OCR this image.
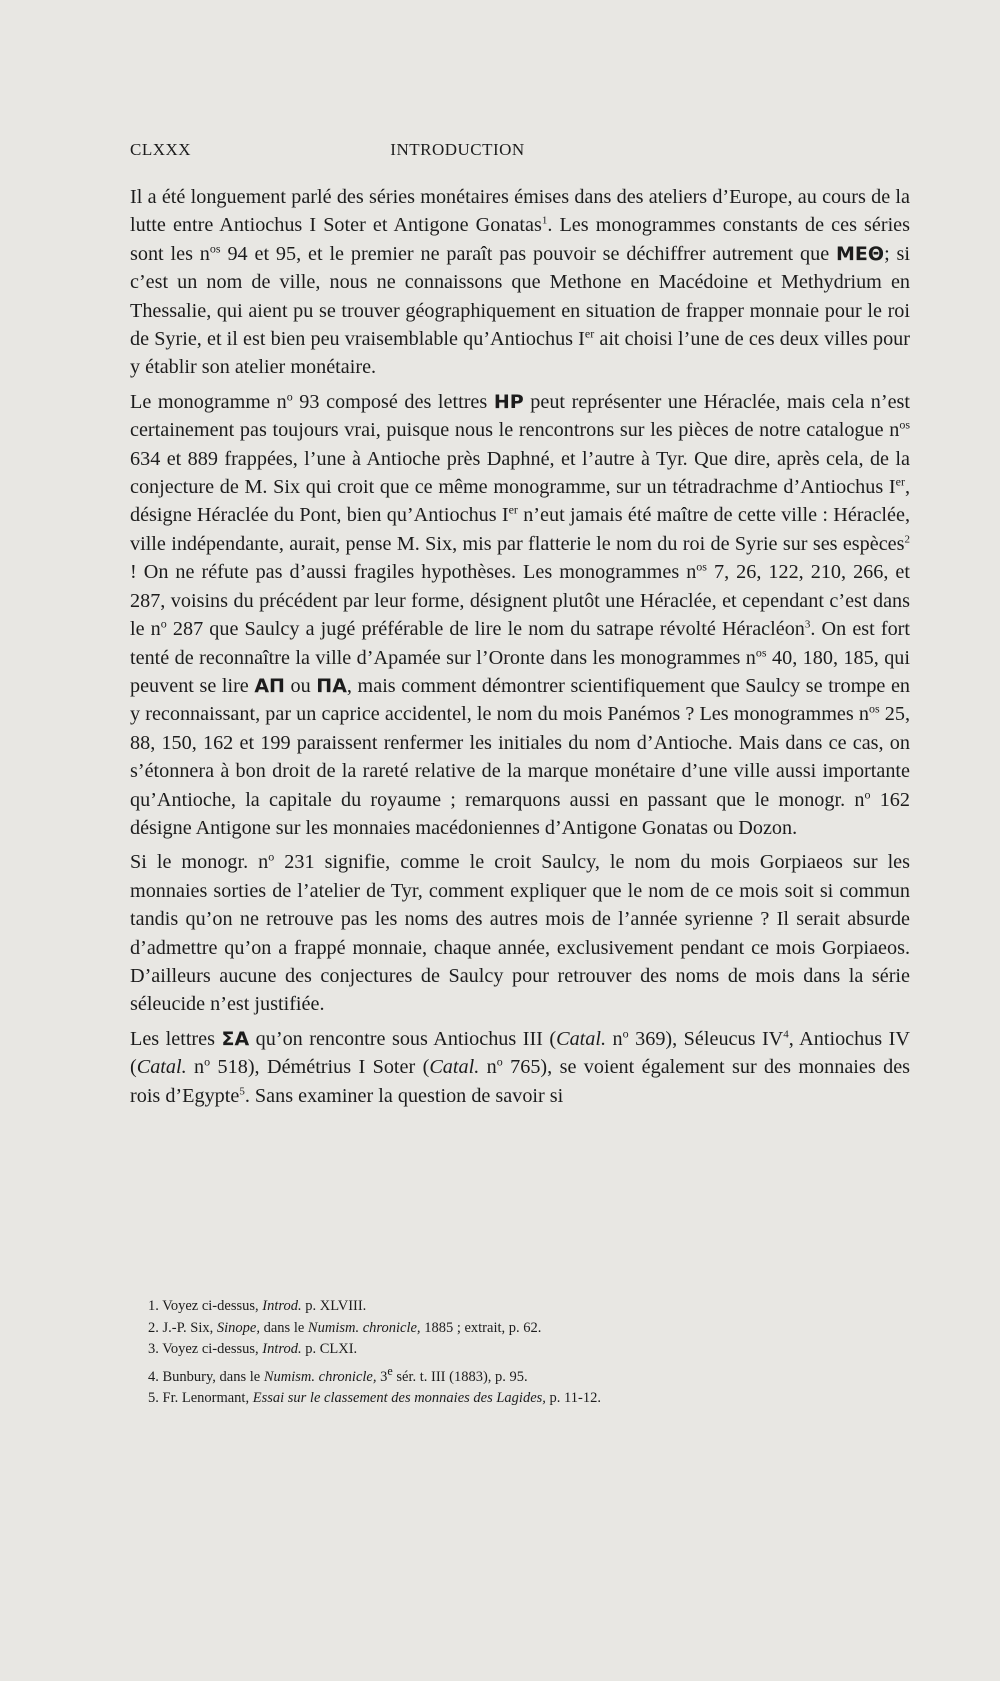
CLXXX	INTRODUCTION

Il a été longuement parlé des séries monétaires émises dans des ateliers d’Europe, au cours de la lutte entre Antiochus I Soter et Antigone Gonatas$^1$. Les monogrammes constants de ces séries sont les $n^{os}$ 94 et 95, et le premier ne paraît pas pouvoir se déchiffrer autrement que ΜΕΘ; si c’est un nom de ville, nous ne connaissons que Methone en Macédoine et Methydrium en Thessalie, qui aient pu se trouver géographiquement en situation de frapper monnaie pour le roi de Syrie, et il est bien peu vraisemblable qu’Antiochus Ier ait choisi l’une de ces deux villes pour y établir son atelier monétaire.

Le monogramme $n^o$ 93 composé des lettres ΗΡ peut représenter une Héraclée, mais cela n’est certainement pas toujours vrai, puisque nous le rencontrons sur les pièces de notre catalogue $n^{os}$ 634 et 889 frappées, l’une à Antioche près Daphné, et l’autre à Tyr. Que dire, après cela, de la conjecture de M. Six qui croit que ce même monogramme, sur un tétradrachme d’Antiochus Ier, désigne Héraclée du Pont, bien qu’Antiochus Ier n’eut jamais été maître de cette ville : Héraclée, ville indépendante, aurait, pense M. Six, mis par flatterie le nom du roi de Syrie sur ses espèces$^2$ ! On ne réfute pas d’aussi fragiles hypothèses. Les monogrammes $n^{os}$ 7, 26, 122, 210, 266, et 287, voisins du précédent par leur forme, désignent plutôt une Héraclée, et cependant c’est dans le $n^o$ 287 que Saulcy a jugé préférable de lire le nom du satrape révolté Héracléon$^3$. On est fort tenté de reconnaître la ville d’Apamée sur l’Oronte dans les monogrammes $n^{os}$ 40, 180, 185, qui peuvent se lire ΑΠ ou ΠΑ, mais comment démontrer scientifiquement que Saulcy se trompe en y reconnaissant, par un caprice accidentel, le nom du mois Panémos ? Les monogrammes $n^{os}$ 25, 88, 150, 162 et 199 paraissent renfermer les initiales du nom d’Antioche. Mais dans ce cas, on s’étonnera à bon droit de la rareté relative de la marque monétaire d’une ville aussi importante qu’Antioche, la capitale du royaume ; remarquons aussi en passant que le monogr. $n^o$ 162 désigne Antigone sur les monnaies macédoniennes d’Antigone Gonatas ou Dozon.

Si le monogr. $n^o$ 231 signifie, comme le croit Saulcy, le nom du mois Gorpiaeos sur les monnaies sorties de l’atelier de Tyr, comment expliquer que le nom de ce mois soit si commun tandis qu’on ne retrouve pas les noms des autres mois de l’année syrienne ? Il serait absurde d’admettre qu’on a frappé monnaie, chaque année, exclusivement pendant ce mois Gorpiaeos. D’ailleurs aucune des conjectures de Saulcy pour retrouver des noms de mois dans la série séleucide n’est justifiée.

Les lettres ΣΑ qu’on rencontre sous Antiochus III (Catal. $n^o$ 369), Séleucus IV$^4$, Antiochus IV (Catal. $n^o$ 518), Démétrius I Soter (Catal. $n^o$ 765), se voient également sur des monnaies des rois d’Egypte$^5$. Sans examiner la question de savoir si

1. Voyez ci-dessus, Introd. p. XLVIII.
2. J.-P. Six, Sinope, dans le Numism. chronicle, 1885 ; extrait, p. 62.
3. Voyez ci-dessus, Introd. p. CLXI.
4. Bunbury, dans le Numism. chronicle, 3e sér. t. III (1883), p. 95.
5. Fr. Lenormant, Essai sur le classement des monnaies des Lagides, p. 11-12.
